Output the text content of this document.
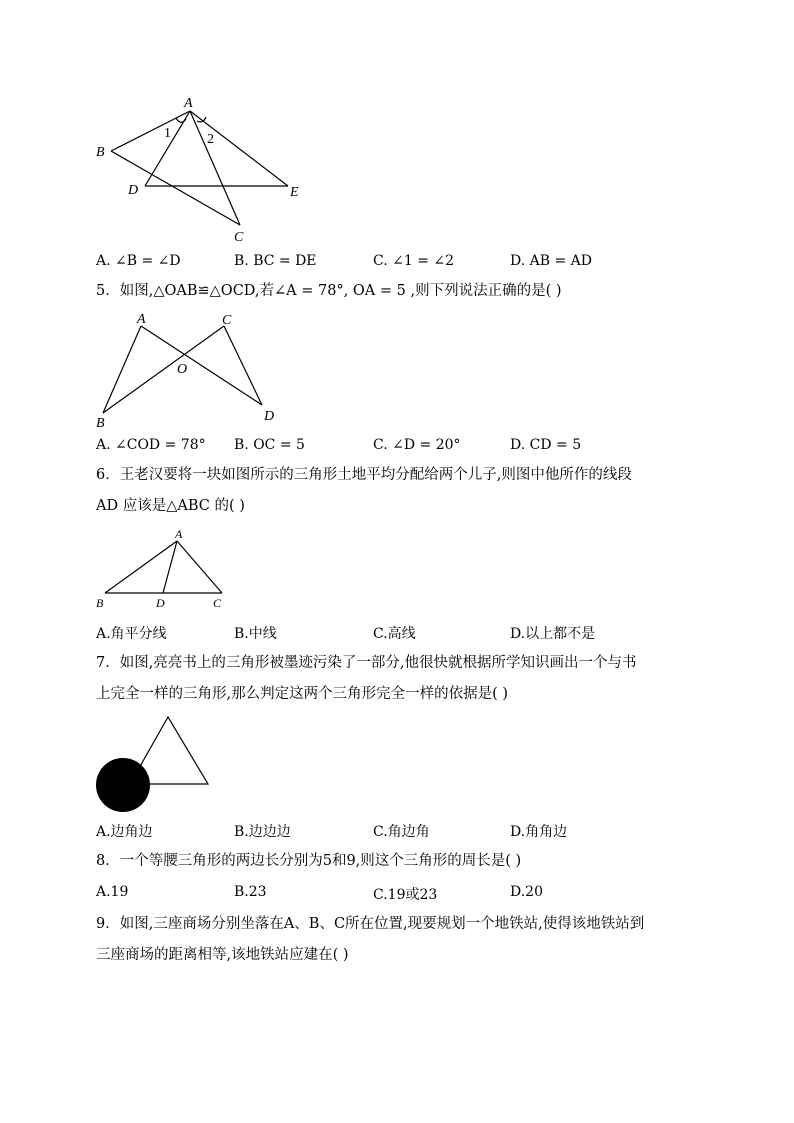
A
B
C
D	E
1	2
A. ∠B = ∠D	B. BC = DE	C. ∠1 = ∠2	D. AB = AD
5．如图,△OAB≌△OCD,若∠A = 78°, OA = 5 ,则下列说法正确的是( )
A	C
O
B	D
A. ∠COD = 78° B. OC = 5	C. ∠D = 20°	D. CD = 5
6．王老汉要将一块如图所示的三角形土地平均分配给两个儿子,则图中他所作的线段
AD 应该是△ABC 的( )
A
B	D	C
A.角平分线	B.中线	C.高线	D.以上都不是
7．如图,亮亮书上的三角形被墨迹污染了一部分,他很快就根据所学知识画出一个与书
上完全一样的三角形,那么判定这两个三角形完全一样的依据是( )
A.边角边	B.边边边	C.角边角	D.角角边
8．一个等腰三角形的两边长分别为5和9,则这个三角形的周长是( )
A.19	B.23	C.19或23	D.20
9．如图,三座商场分别坐落在A、B、C所在位置,现要规划一个地铁站,使得该地铁站到
三座商场的距离相等,该地铁站应建在( )
